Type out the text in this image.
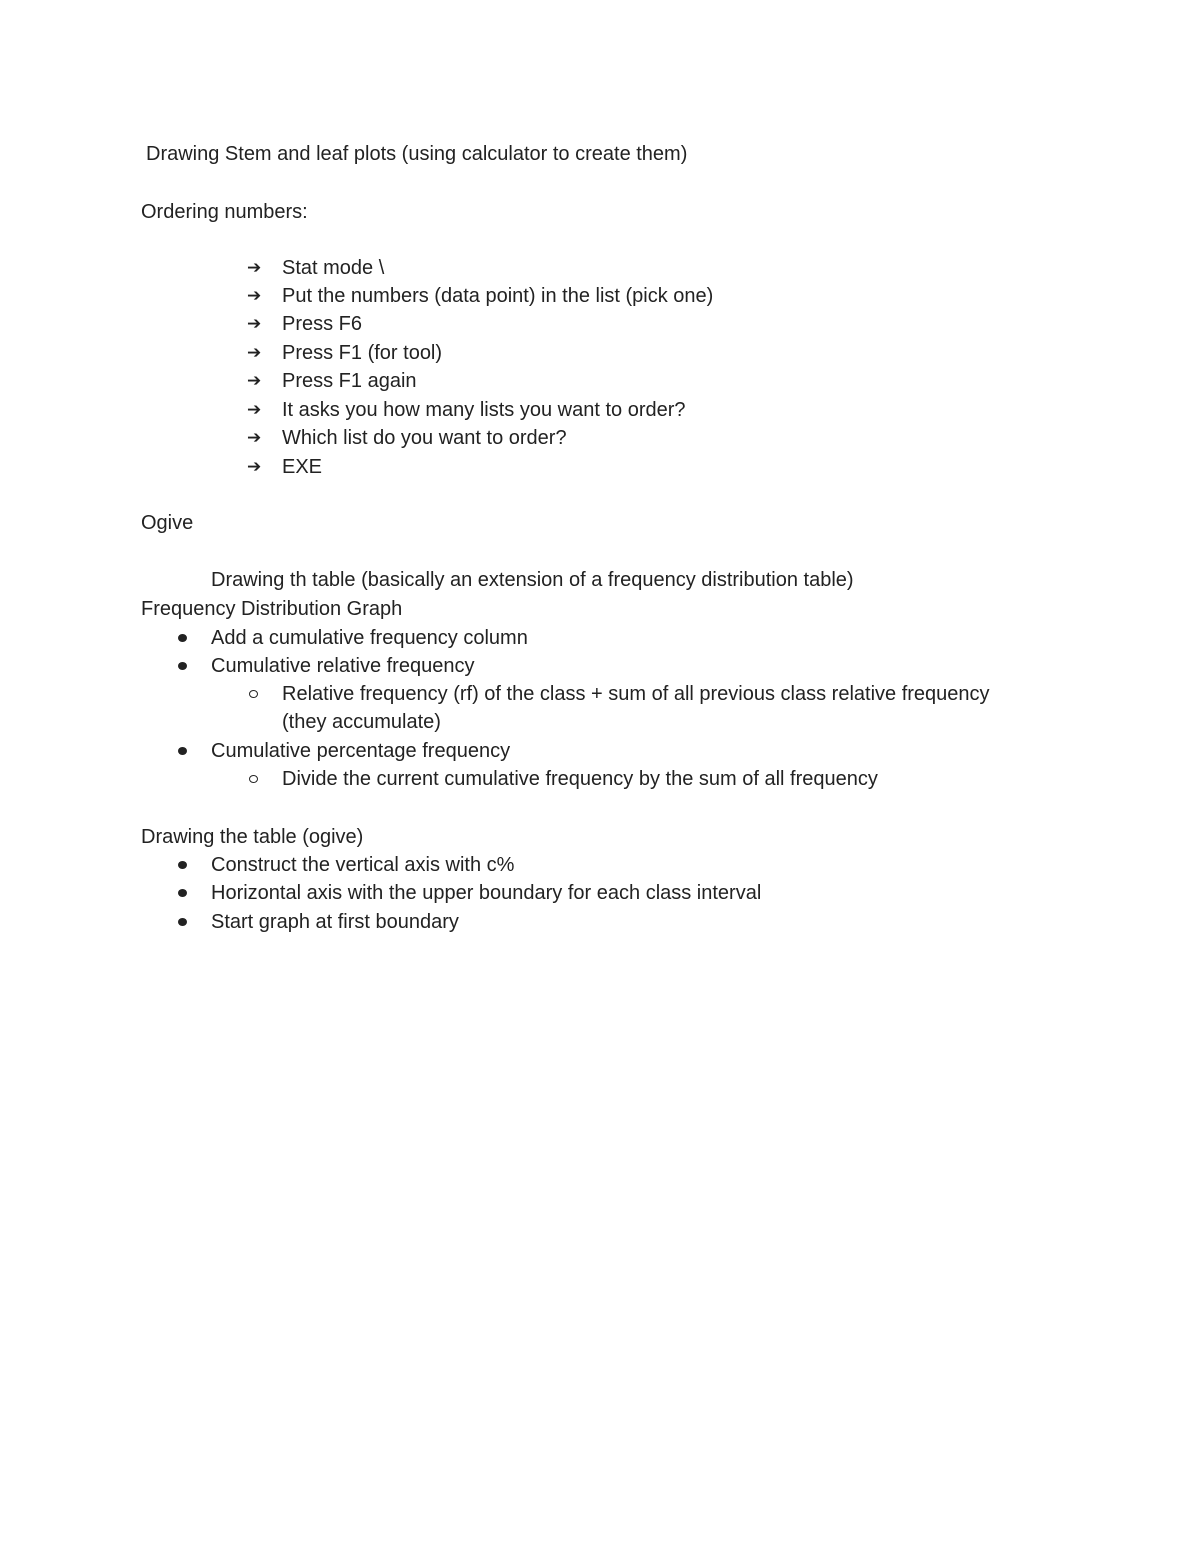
Drawing Stem and leaf plots (using calculator to create them)
Ordering numbers:
➔ Stat mode \
➔ Put the numbers (data point) in the list (pick one)
➔ Press F6
➔ Press F1 (for tool)
➔ Press F1 again
➔ It asks you how many lists you want to order?
➔ Which list do you want to order?
➔ EXE
Ogive
Drawing th table (basically an extension of a frequency distribution table)
Frequency Distribution Graph
Add a cumulative frequency column
Cumulative relative frequency
Relative frequency (rf) of the class + sum of all previous class relative frequency
(they accumulate)
Cumulative percentage frequency
Divide the current cumulative frequency by the sum of all frequency
Drawing the table (ogive)
Construct the vertical axis with c%
Horizontal axis with the upper boundary for each class interval
Start graph at first boundary
